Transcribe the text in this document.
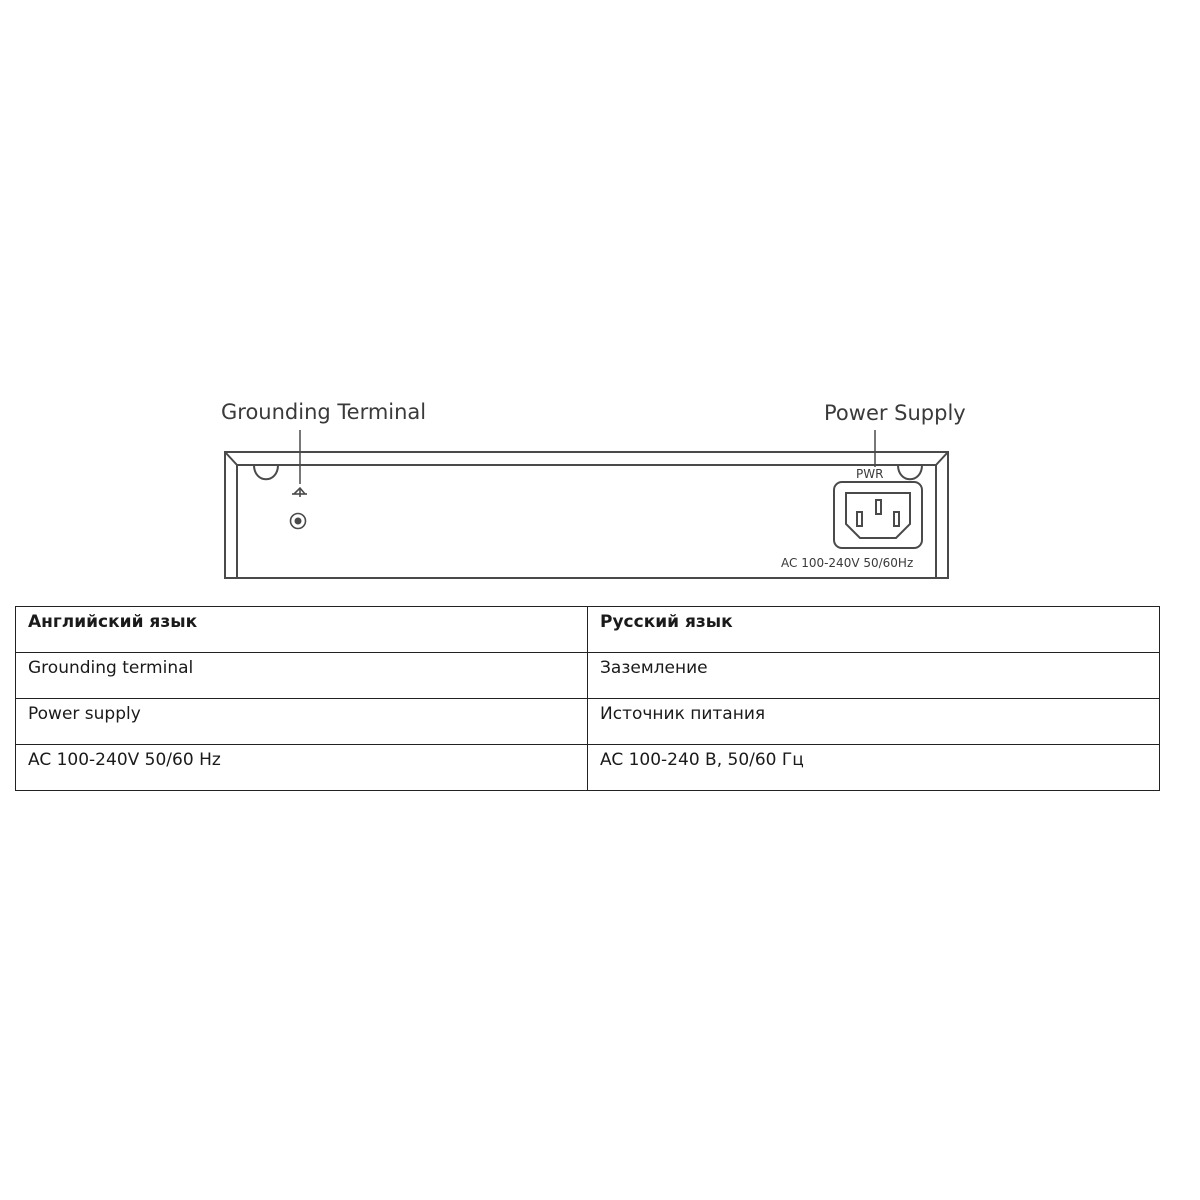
Grounding Terminal	Power Supply
PWR
AC 100-240V 50/60Hz
Английский язык	Русский язык
Grounding terminal	Заземление
Power supply	Источник питания
AC 100-240V 50/60 Hz	AC 100-240 В, 50/60 Гц
